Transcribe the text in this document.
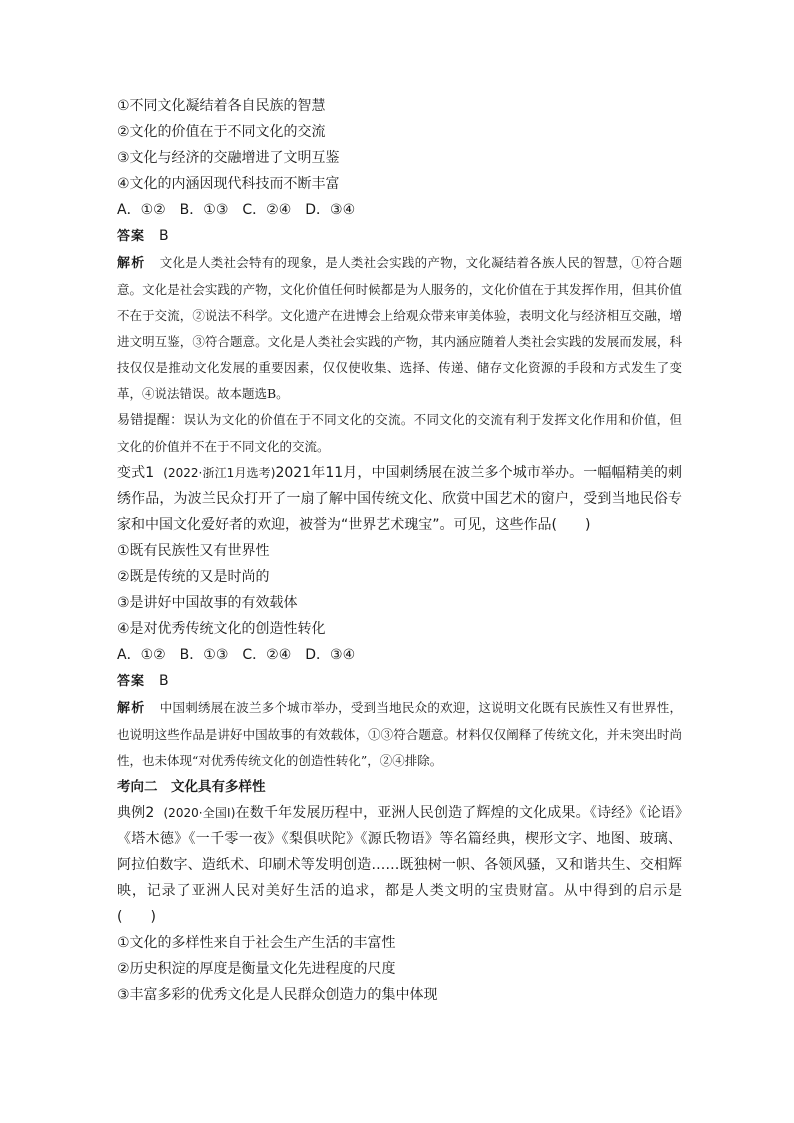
①不同文化凝结着各自民族的智慧

②文化的价值在于不同文化的交流

③文化与经济的交融增进了文明互鉴

④文化的内涵因现代科技而不断丰富

A．①②　B．①③　C．②④　D．③④

答案 B

解析 文化是人类社会特有的现象，是人类社会实践的产物，文化凝结着各族人民的智慧，①符合题意。文化是社会实践的产物，文化价值任何时候都是为人服务的，文化价值在于其发挥作用，但其价值不在于交流，②说法不科学。文化遗产在进博会上给观众带来审美体验，表明文化与经济相互交融，增进文明互鉴，③符合题意。文化是人类社会实践的产物，其内涵应随着人类社会实践的发展而发展，科技仅仅是推动文化发展的重要因素，仅仅使收集、选择、传递、储存文化资源的手段和方式发生了变革，④说法错误。故本题选B。

易错提醒：误认为文化的价值在于不同文化的交流。不同文化的交流有利于发挥文化作用和价值，但文化的价值并不在于不同文化的交流。

变式1 (2022·浙江1月选考)2021年11月，中国刺绣展在波兰多个城市举办。一幅幅精美的刺绣作品，为波兰民众打开了一扇了解中国传统文化、欣赏中国艺术的窗户，受到当地民俗专家和中国文化爱好者的欢迎，被誉为“世界艺术瑰宝”。可见，这些作品(　　)

①既有民族性又有世界性

②既是传统的又是时尚的

③是讲好中国故事的有效载体

④是对优秀传统文化的创造性转化

A．①②　B．①③　C．②④　D．③④

答案 B

解析 中国刺绣展在波兰多个城市举办，受到当地民众的欢迎，这说明文化既有民族性又有世界性，也说明这些作品是讲好中国故事的有效载体，①③符合题意。材料仅仅阐释了传统文化，并未突出时尚性，也未体现“对优秀传统文化的创造性转化”，②④排除。

考向二　文化具有多样性

典例2 (2020·全国Ⅰ)在数千年发展历程中，亚洲人民创造了辉煌的文化成果。《诗经》《论语》《塔木德》《一千零一夜》《梨俱吠陀》《源氏物语》等名篇经典，楔形文字、地图、玻璃、阿拉伯数字、造纸术、印刷术等发明创造……既独树一帜、各领风骚，又和谐共生、交相辉映，记录了亚洲人民对美好生活的追求，都是人类文明的宝贵财富。从中得到的启示是(　　)

①文化的多样性来自于社会生产生活的丰富性

②历史积淀的厚度是衡量文化先进程度的尺度

③丰富多彩的优秀文化是人民群众创造力的集中体现
